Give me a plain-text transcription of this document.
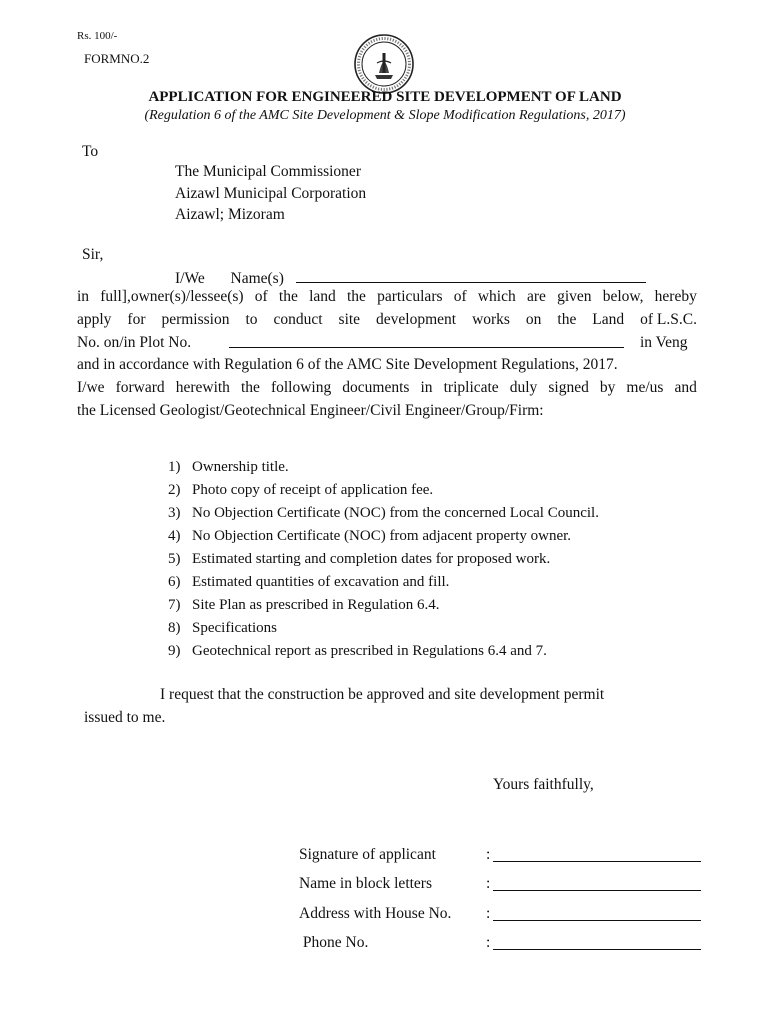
Rs. 100/-
FORMNO.2
APPLICATION FOR ENGINEERED SITE DEVELOPMENT OF LAND
(Regulation 6 of the AMC Site Development & Slope Modification Regulations, 2017)
To
The Municipal Commissioner
Aizawl Municipal Corporation
Aizawl; Mizoram
Sir,
I/We Name(s)
in full],owner(s)/lessee(s) of the land the particulars of which are given below, hereby
apply for permission to conduct site development works on the Land of L.S.C.
No. on/in Plot No.	in Veng
and in accordance with Regulation 6 of the AMC Site Development Regulations, 2017.
I/we forward herewith the following documents in triplicate duly signed by me/us and
the Licensed Geologist/Geotechnical Engineer/Civil Engineer/Group/Firm:
1) Ownership title.
2) Photo copy of receipt of application fee.
3) No Objection Certificate (NOC) from the concerned Local Council.
4) No Objection Certificate (NOC) from adjacent property owner.
5) Estimated starting and completion dates for proposed work.
6) Estimated quantities of excavation and fill.
7) Site Plan as prescribed in Regulation 6.4.
8) Specifications
9) Geotechnical report as prescribed in Regulations 6.4 and 7.
I request that the construction be approved and site development permit
issued to me.
Yours faithfully,
Signature of applicant	:
Name in block letters	:
Address with House No. :
Phone No.	:
